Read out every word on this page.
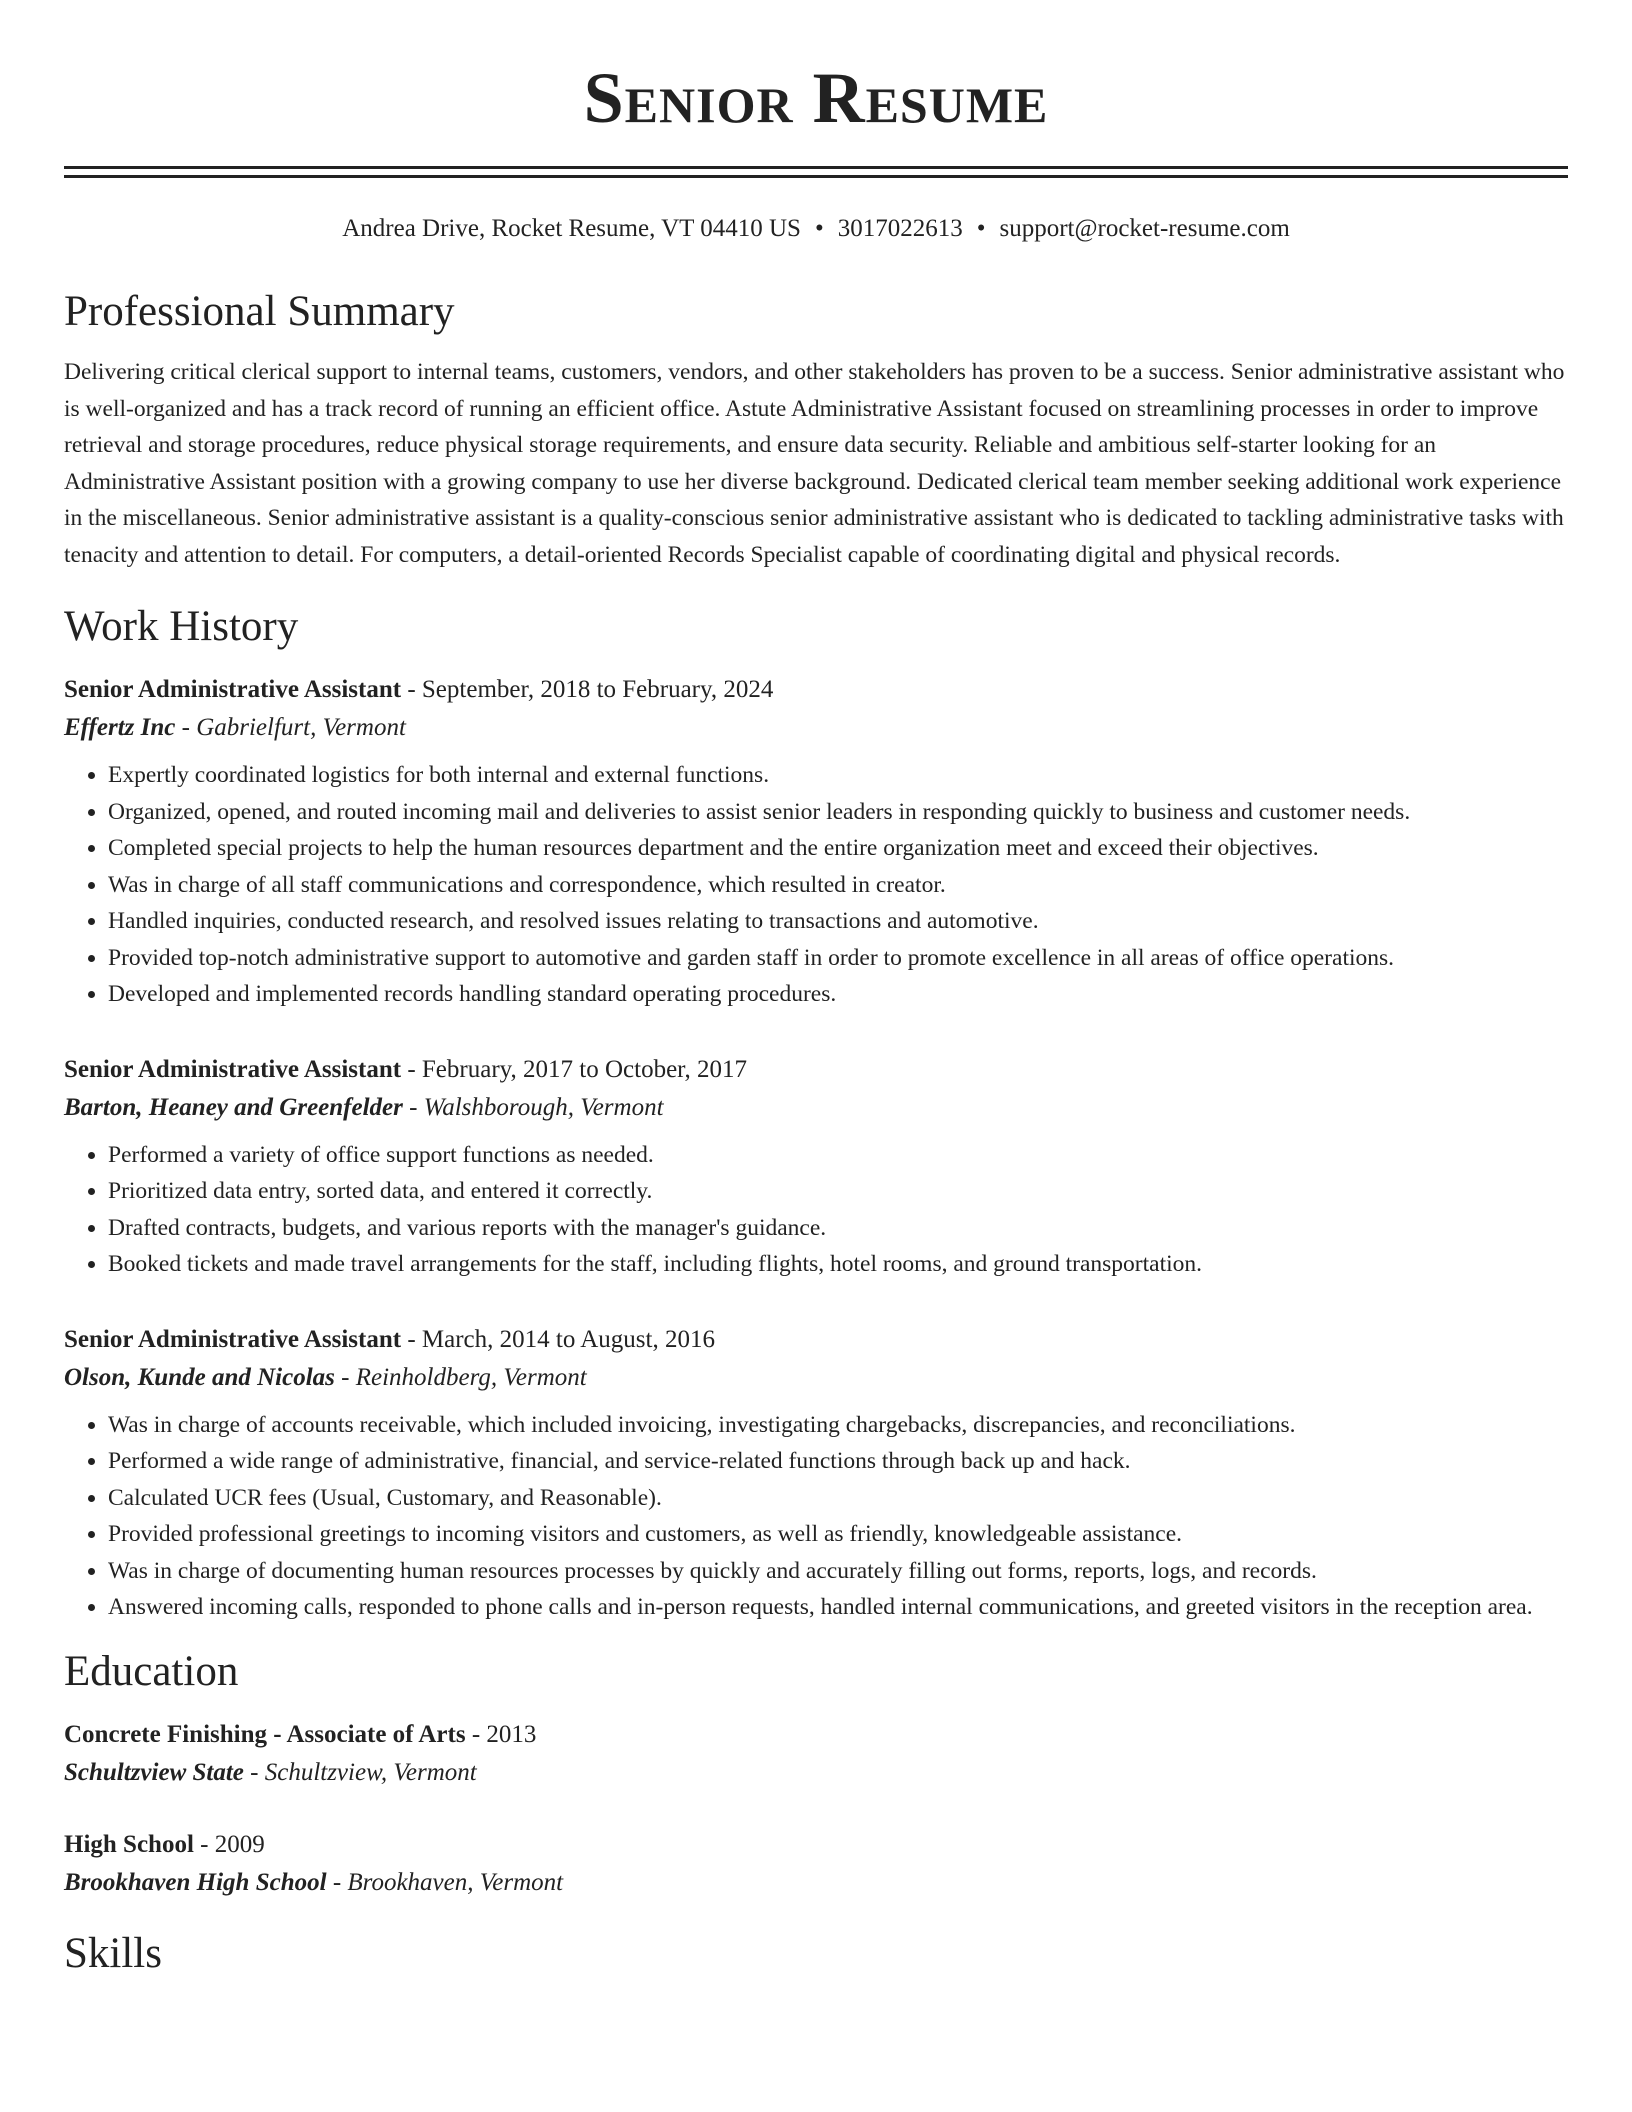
Senior Resume
Andrea Drive, Rocket Resume, VT 04410 US • 3017022613 • support@rocket-resume.com
Professional Summary

Delivering critical clerical support to internal teams, customers, vendors, and other stakeholders has proven to be a success. Senior administrative assistant who is well-organized and has a track record of running an efficient office. Astute Administrative Assistant focused on streamlining processes in order to improve retrieval and storage procedures, reduce physical storage requirements, and ensure data security. Reliable and ambitious self-starter looking for an Administrative Assistant position with a growing company to use her diverse background. Dedicated clerical team member seeking additional work experience in the miscellaneous. Senior administrative assistant is a quality-conscious senior administrative assistant who is dedicated to tackling administrative tasks with tenacity and attention to detail. For computers, a detail-oriented Records Specialist capable of coordinating digital and physical records.

Work History
Senior Administrative Assistant - September, 2018 to February, 2024
Effertz Inc - Gabrielfurt, Vermont
• Expertly coordinated logistics for both internal and external functions.
• Organized, opened, and routed incoming mail and deliveries to assist senior leaders in responding quickly to business and customer needs.
• Completed special projects to help the human resources department and the entire organization meet and exceed their objectives.
• Was in charge of all staff communications and correspondence, which resulted in creator.
• Handled inquiries, conducted research, and resolved issues relating to transactions and automotive.
• Provided top-notch administrative support to automotive and garden staff in order to promote excellence in all areas of office operations.
• Developed and implemented records handling standard operating procedures.
Senior Administrative Assistant - February, 2017 to October, 2017
Barton, Heaney and Greenfelder - Walshborough, Vermont
• Performed a variety of office support functions as needed.
• Prioritized data entry, sorted data, and entered it correctly.
• Drafted contracts, budgets, and various reports with the manager's guidance.
• Booked tickets and made travel arrangements for the staff, including flights, hotel rooms, and ground transportation.
Senior Administrative Assistant - March, 2014 to August, 2016
Olson, Kunde and Nicolas - Reinholdberg, Vermont
• Was in charge of accounts receivable, which included invoicing, investigating chargebacks, discrepancies, and reconciliations.
• Performed a wide range of administrative, financial, and service-related functions through back up and hack.
• Calculated UCR fees (Usual, Customary, and Reasonable).
• Provided professional greetings to incoming visitors and customers, as well as friendly, knowledgeable assistance.
• Was in charge of documenting human resources processes by quickly and accurately filling out forms, reports, logs, and records.
• Answered incoming calls, responded to phone calls and in-person requests, handled internal communications, and greeted visitors in the reception area.
Education
Concrete Finishing - Associate of Arts - 2013
Schultzview State - Schultzview, Vermont
High School - 2009
Brookhaven High School - Brookhaven, Vermont
Skills
